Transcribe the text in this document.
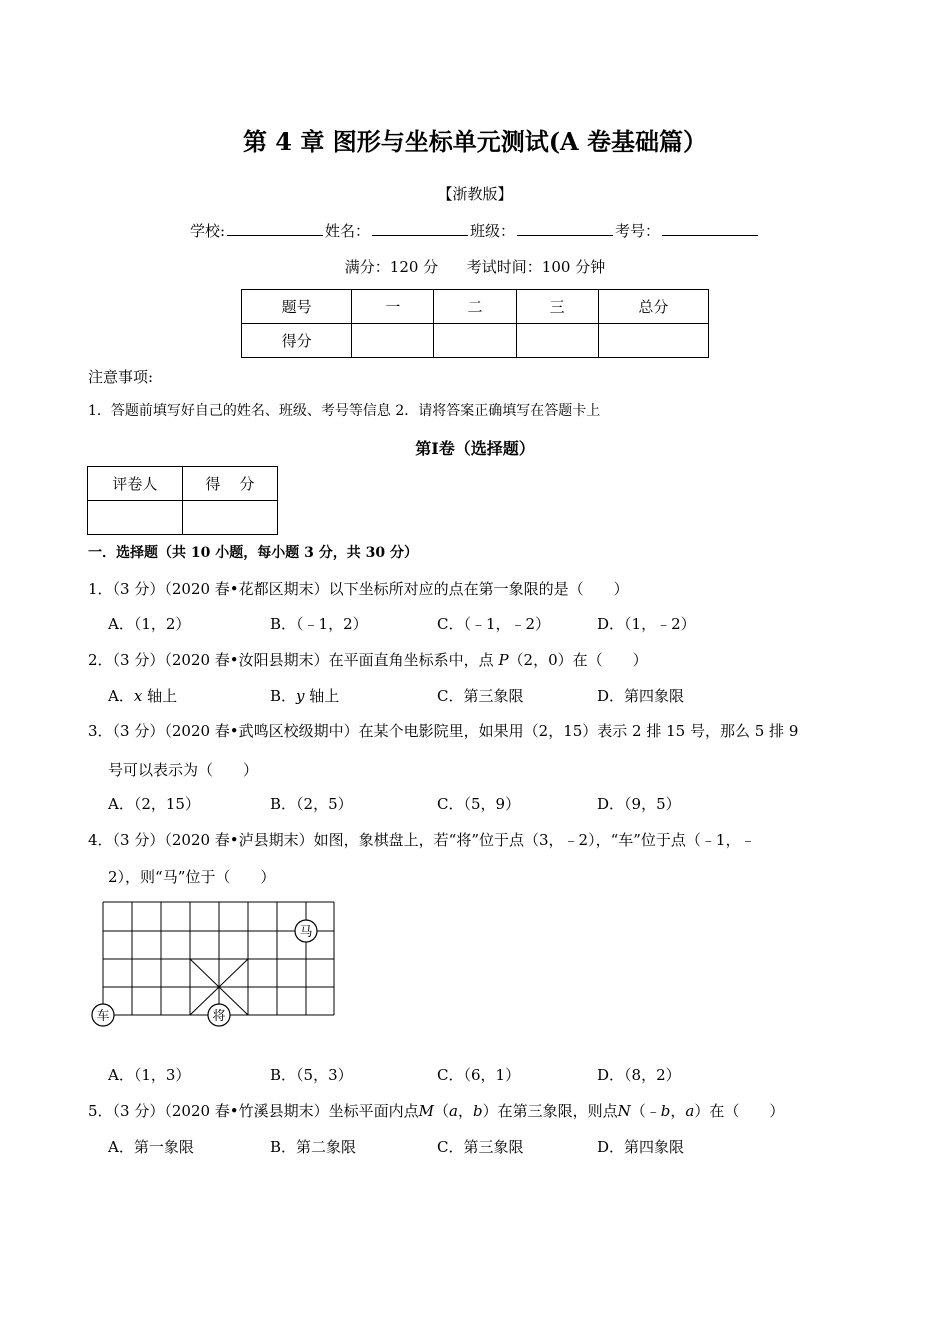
第 4 章 图形与坐标单元测试(A 卷基础篇）
【浙教版】
学校:	姓名：	班级：	考号：
满分：120 分 考试时间：100 分钟
题号	一	二	三	总分
得分				
注意事项:
1．答题前填写好自己的姓名、班级、考号等信息 2．请将答案正确填写在答题卡上
第Ⅰ卷（选择题）
评卷人	得    分

一．选择题（共 10 小题，每小题 3 分，共 30 分）
1．（3 分）（2020 春•花都区期末）以下坐标所对应的点在第一象限的是（　　）
A．（1，2）	B．（﹣1，2）	C．（﹣1，﹣2）	D．（1，﹣2）
2．（3 分）（2020 春•汝阳县期末）在平面直角坐标系中，点 P（2，0）在（　　）
A．x 轴上	B．y 轴上	C．第三象限	D．第四象限
3．（3 分）（2020 春•武鸣区校级期中）在某个电影院里，如果用（2，15）表示 2 排 15 号，那么 5 排 9
号可以表示为（　　）
A．（2，15）	B．（2，5）	C．（5，9）	D．（9，5）
4．（3 分）（2020 春•泸县期末）如图，象棋盘上，若“将”位于点（3，﹣2），“车”位于点（﹣1，﹣
2），则“马”位于（　　）
马
车	将
A．（1，3）	B．（5，3）	C．（6，1）	D．（8，2）
5．（3 分）（2020 春•竹溪县期末）坐标平面内点M（a，b）在第三象限，则点N（﹣b，a）在（　　）
A．第一象限	B．第二象限	C．第三象限	D．第四象限
